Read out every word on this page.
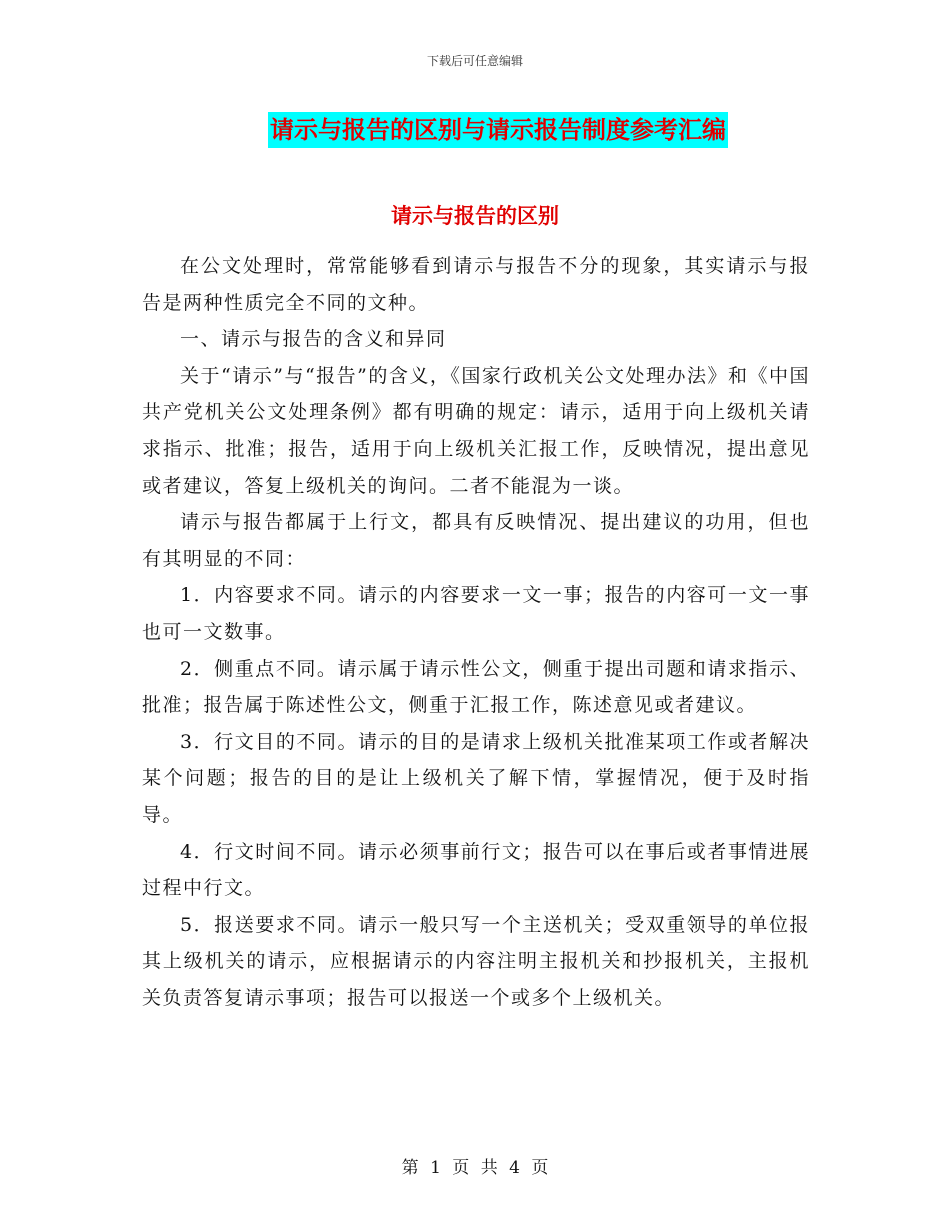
下载后可任意编辑
请示与报告的区别与请示报告制度参考汇编
请示与报告的区别

在公文处理时，常常能够看到请示与报告不分的现象，其实请示与报告是两种性质完全不同的文种。

一、请示与报告的含义和异同

关于“请示”与“报告”的含义，《国家行政机关公文处理办法》和《中国共产党机关公文处理条例》都有明确的规定：请示，适用于向上级机关请求指示、批准；报告，适用于向上级机关汇报工作，反映情况，提出意见或者建议，答复上级机关的询问。二者不能混为一谈。

请示与报告都属于上行文，都具有反映情况、提出建议的功用，但也有其明显的不同：

1．内容要求不同。请示的内容要求一文一事；报告的内容可一文一事也可一文数事。

2．侧重点不同。请示属于请示性公文，侧重于提出司题和请求指示、批准；报告属于陈述性公文，侧重于汇报工作，陈述意见或者建议。

3．行文目的不同。请示的目的是请求上级机关批准某项工作或者解决某个问题；报告的目的是让上级机关了解下情，掌握情况，便于及时指导。

4．行文时间不同。请示必须事前行文；报告可以在事后或者事情进展过程中行文。

5．报送要求不同。请示一般只写一个主送机关；受双重领导的单位报其上级机关的请示，应根据请示的内容注明主报机关和抄报机关，主报机关负责答复请示事项；报告可以报送一个或多个上级机关。

第 1 页 共 4 页
